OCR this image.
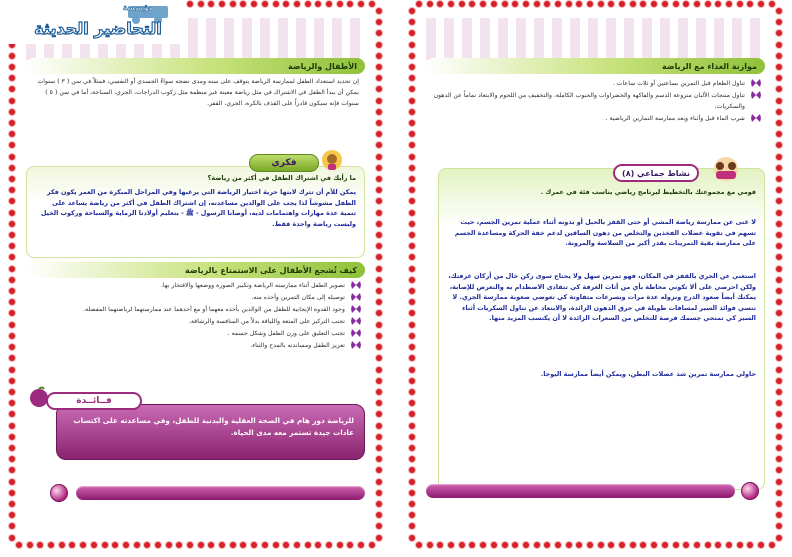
الأطفال والرياضة
إن تحديد استعداد الطفل لممارسة الرياضة يتوقف على سنه ومدى نضجه سواءً الجسدي أو النفسي، فمثلاً في سن ( ٣ ) سنوات يمكن أن يبدأ الطفل في الاشتراك في مثل رياضة معينة غير منظمة مثل ركوب الدراجات، الجري، السباحة، أما في سن ( ٥ ) سنوات فإنه سيكون قادراً على القذف بالكرة، الجري، القفز.
ما رأيك في اشتراك الطفل في أكثر من رياضة؟
يمكن للأم أن تترك لابنها حرية اختيار الرياضة التي يرغبها وفي المراحل المبكرة من العمر يكون فكر الطفل مشوشاً لذا يجب على الوالدين مساعدته، إن اشتراك الطفل في أكثر من رياضة يساعد على تنمية عدة مهارات واهتمامات لديه، أوصانا الرسول - ﷺ - بتعليم أولادنا الرماية والسباحة وركوب الخيل وليست رياضة واحدة فقط.
فكري
كيف تُشجع الأطفال على الاستمتاع بالرياضة
تصوير الطفل أثناء ممارسته الرياضة وتكبير الصورة ووضعها والافتخار بها.
توصيله إلى مكان التمرين وأخذه منه.
وجود القدوة الإيجابية للطفل من الوالدين بأخذه معهما أو مع أحدهما عند ممارستهما لرياضتهما المفضلة.
تجنب التركيز على المتعة واللياقة بدلاً من المنافسة والرشاقة.
تجنب التعليق على وزن الطفل وشكل جسمه .
تعزيز الطفل ومساندته بالمدح والثناء.
للرياضة دور هام في الصحة العقلية والبدنية للطفل، وفي مساعدته على اكتساب عادات جيدة تستمر معه مدى الحياة.
فــائــدة
مؤسسة
التحاضير الحديثة
موازنة الغذاء مع الرياضة
تناول الطعام قبل التمرين بساعتين أو ثلاث ساعات .
تناول منتجات الألبان منزوعة الدسم والفاكهة والخضراوات والحبوب الكاملة، والتخفيف من اللحوم والابتعاد تماماً عن الدهون والسكريات.
شرب الماء قبل وأثناء وبعد ممارسة التمارين الرياضية .
قومي مع مجموعتك بالتخطيط لبرنامج رياضي يناسب فئة في عمرك .
لا غنى عن ممارسة رياضة المشي أو حتى القفز بالحبل أو بدونه أثناء عملية تمرين الجسم، حيث تسهم في تقوية عضلات الفخذين والتخلص من دهون الساقين لدعم خفة الحركة ومساعدة الجسم على ممارسة بقية التمرينات بقدر أكبر من السلاسة والمرونة.
استغني عن الجري بالقفز في المكان، فهو تمرين سهل ولا يحتاج سوى ركن خال من أركان غرفتك، ولكن احرصي على ألا تكوني محاطة بأي من أثاث الغرفة كي تتفادى الاصطدام به والتعرض للإصابة، يمكنك أيضاً صعود الدرج ونزوله عدة مرات وبسرعات متفاوتة كي تعوضي صعوبة ممارسة الجري. لا تنسي فوائد السير لمسافات طويلة في حرق الدهون الزائدة، والابتعاد عن تناول السكريات أثناء السير كي تمنحي جسمك فرصة للتخلص من السعرات الزائدة لا أن يكتسب المزيد منها.
حاولي ممارسة تمرين شد عضلات البطن، ويمكن أيضاً ممارسة اليوجا.
نشاط جماعي (٨)
